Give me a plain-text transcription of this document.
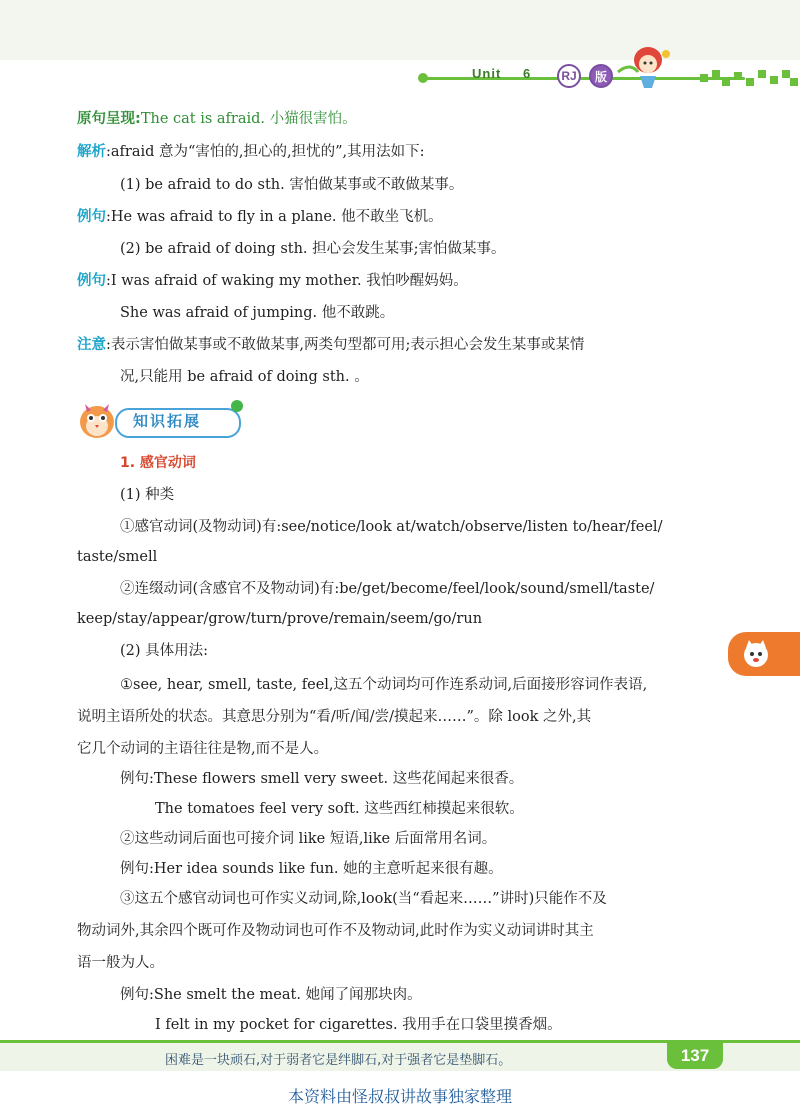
Unit 6	RJ	版
原句呈现:The cat is afraid. 小猫很害怕。
解析:afraid 意为“害怕的,担心的,担忧的”,其用法如下:
(1) be afraid to do sth. 害怕做某事或不敢做某事。
例句:He was afraid to fly in a plane. 他不敢坐飞机。
(2) be afraid of doing sth. 担心会发生某事;害怕做某事。
例句:I was afraid of waking my mother. 我怕吵醒妈妈。
She was afraid of jumping. 他不敢跳。
注意:表示害怕做某事或不敢做某事,两类句型都可用;表示担心会发生某事或某情
况,只能用 be afraid of doing sth. 。
知识拓展
1. 感官动词
(1) 种类
①感官动词(及物动词)有:see/notice/look at/watch/observe/listen to/hear/feel/
taste/smell
②连缀动词(含感官不及物动词)有:be/get/become/feel/look/sound/smell/taste/
keep/stay/appear/grow/turn/prove/remain/seem/go/run
(2) 具体用法:
①see, hear, smell, taste, feel,这五个动词均可作连系动词,后面接形容词作表语,
说明主语所处的状态。其意思分别为“看/听/闻/尝/摸起来……”。除 look 之外,其
它几个动词的主语往往是物,而不是人。
例句:These flowers smell very sweet. 这些花闻起来很香。
The tomatoes feel very soft. 这些西红柿摸起来很软。
②这些动词后面也可接介词 like 短语,like 后面常用名词。
例句:Her idea sounds like fun. 她的主意听起来很有趣。
③这五个感官动词也可作实义动词,除,look(当“看起来……”讲时)只能作不及
物动词外,其余四个既可作及物动词也可作不及物动词,此时作为实义动词讲时其主
语一般为人。
例句:She smelt the meat. 她闻了闻那块肉。
I felt in my pocket for cigarettes. 我用手在口袋里摸香烟。
困难是一块顽石,对于弱者它是绊脚石,对于强者它是垫脚石。	137
本资料由怪叔叔讲故事独家整理
